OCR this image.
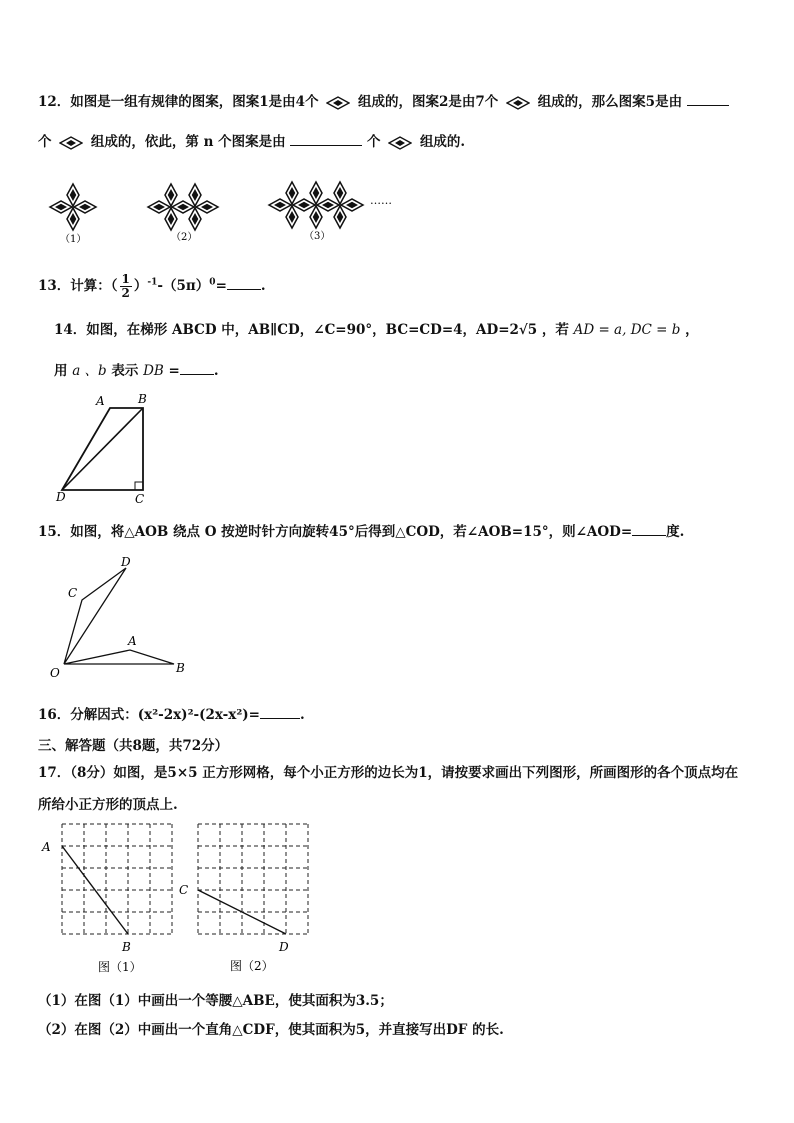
12．如图是一组有规律的图案，图案1是由4个	组成的，图案2是由7个	组成的，那么图案5是由
个	组成的，依此，第 n 个图案是由	个	组成的.
……
（1）	（2）	（3）
13．计算：（ $\frac{1}{2} )^{-1}-(5\pi)^0=$	.
14．如图，在梯形 ABCD 中，AB∥CD，∠C=90°，BC=CD=4，AD=2√5 ，若 AD = a, DC = b ，
用 a 、b 表示 DB =	.
A	B
C
D
15．如图，将△AOB 绕点 O 按逆时针方向旋转45°后得到△COD，若∠AOB=15°，则∠AOD=	度.
O
A
B
C
D
16．分解因式：(x²-2x)²-(2x-x²)=	.
三、解答题（共8题，共72分）
17．（8分）如图，是5×5 正方形网格，每个小正方形的边长为1，请按要求画出下列图形，所画图形的各个顶点均在
所给小正方形的顶点上.
A
B
图（1）
C
D
图（2）
（1）在图（1）中画出一个等腰△ABE，使其面积为3.5；
（2）在图（2）中画出一个直角△CDF，使其面积为5，并直接写出DF 的长.
